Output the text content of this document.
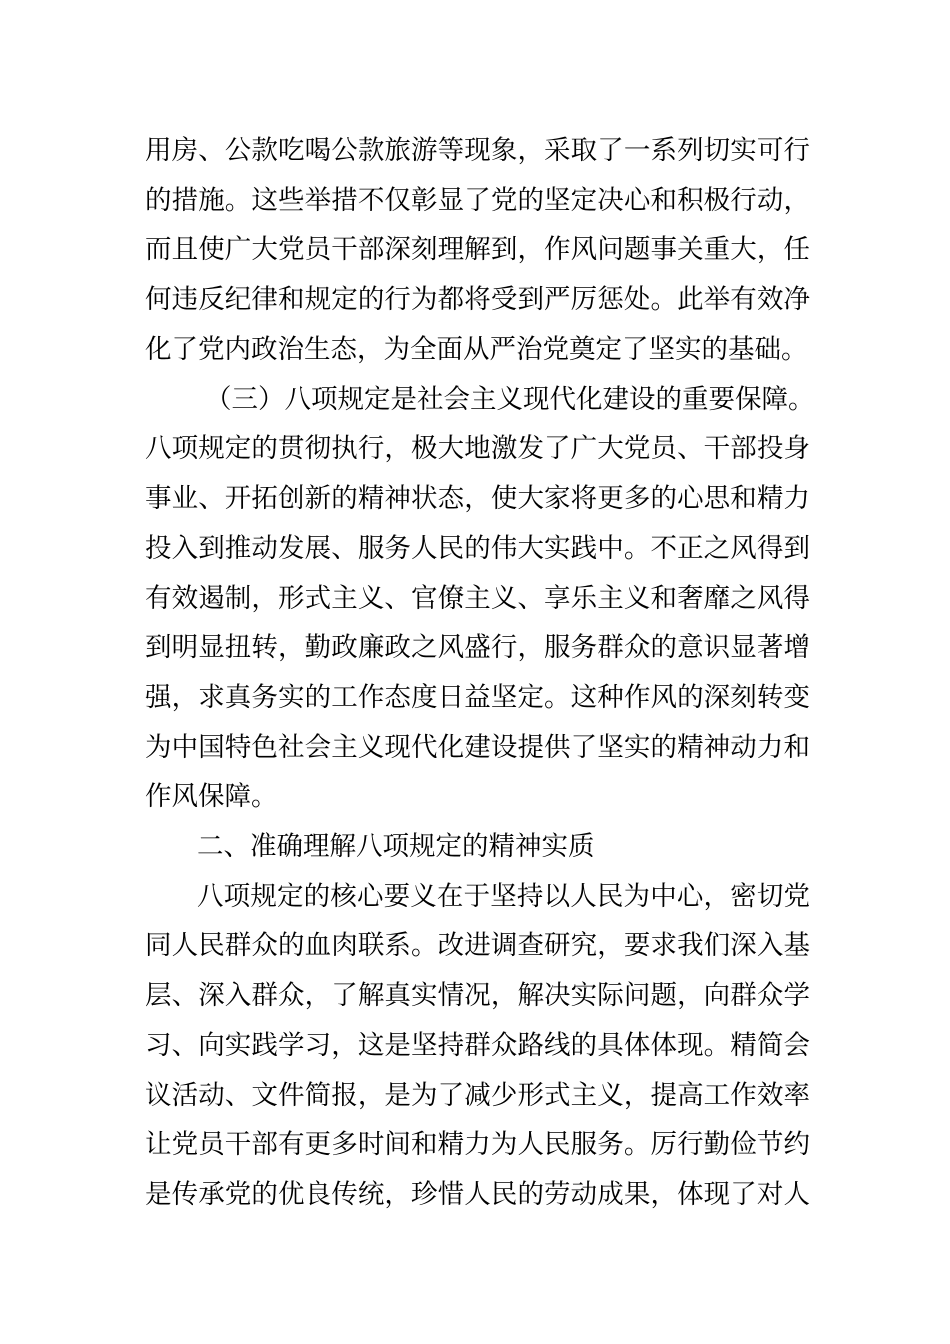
用房、公款吃喝公款旅游等现象，采取了一系列切实可行
的措施。这些举措不仅彰显了党的坚定决心和积极行动，
而且使广大党员干部深刻理解到，作风问题事关重大，任
何违反纪律和规定的行为都将受到严厉惩处。此举有效净
化了党内政治生态，为全面从严治党奠定了坚实的基础。
（三）八项规定是社会主义现代化建设的重要保障。
八项规定的贯彻执行，极大地激发了广大党员、干部投身
事业、开拓创新的精神状态，使大家将更多的心思和精力
投入到推动发展、服务人民的伟大实践中。不正之风得到
有效遏制，形式主义、官僚主义、享乐主义和奢靡之风得
到明显扭转，勤政廉政之风盛行，服务群众的意识显著增
强，求真务实的工作态度日益坚定。这种作风的深刻转变
为中国特色社会主义现代化建设提供了坚实的精神动力和
作风保障。
二、准确理解八项规定的精神实质
八项规定的核心要义在于坚持以人民为中心，密切党
同人民群众的血肉联系。改进调查研究，要求我们深入基
层、深入群众，了解真实情况，解决实际问题，向群众学
习、向实践学习，这是坚持群众路线的具体体现。精简会
议活动、文件简报，是为了减少形式主义，提高工作效率
让党员干部有更多时间和精力为人民服务。厉行勤俭节约
是传承党的优良传统，珍惜人民的劳动成果，体现了对人
